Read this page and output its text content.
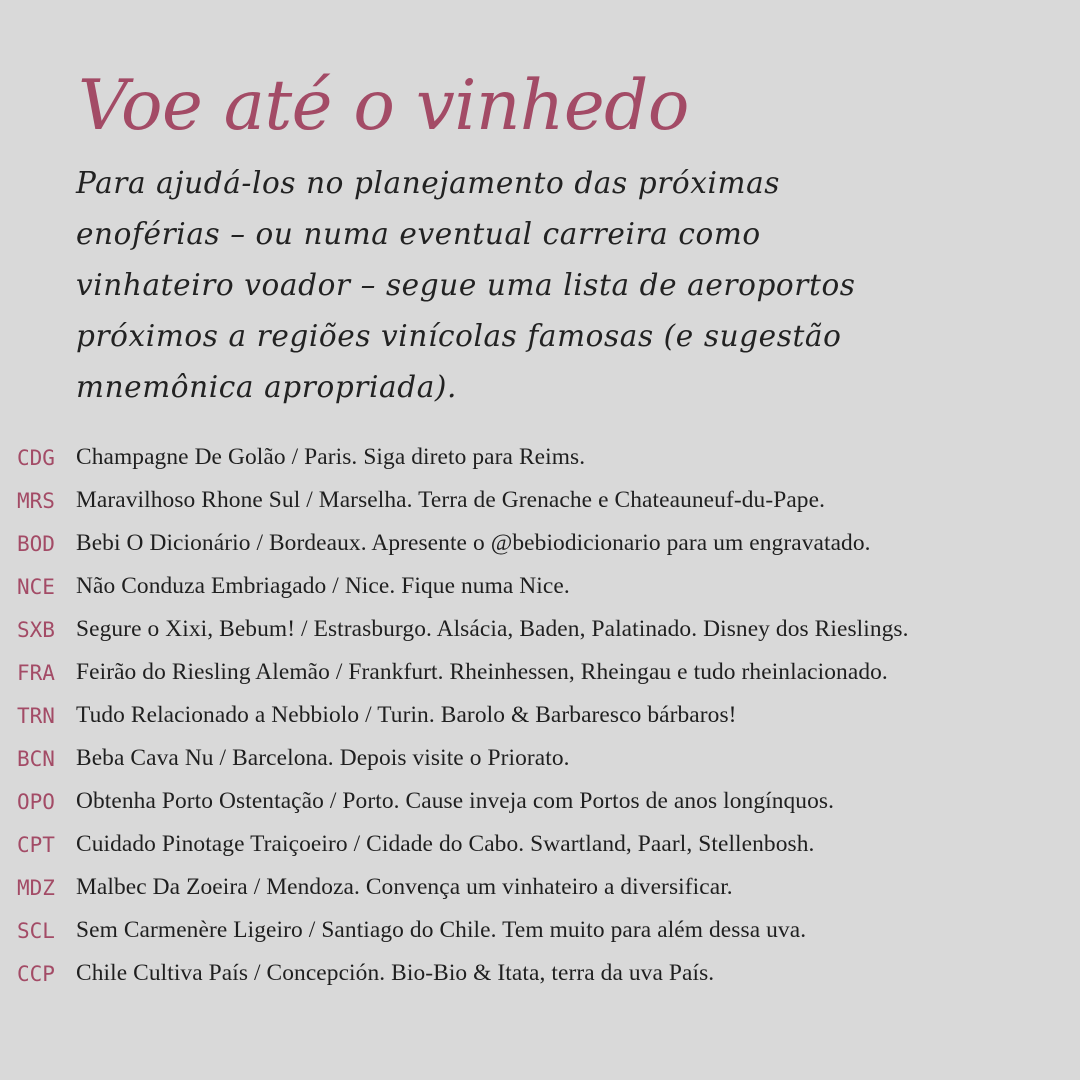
Voe até o vinhedo

Para ajudá-los no planejamento das próximas
enoférias – ou numa eventual carreira como
vinhateiro voador – segue uma lista de aeroportos
próximos a regiões vinícolas famosas (e sugestão
mnemônica apropriada).

CDG Champagne De Golão / Paris. Siga direto para Reims.
MRS Maravilhoso Rhone Sul / Marselha. Terra de Grenache e Chateauneuf-du-Pape.
BOD Bebi O Dicionário / Bordeaux. Apresente o @bebiodicionario para um engravatado.
NCE Não Conduza Embriagado / Nice. Fique numa Nice.
SXB Segure o Xixi, Bebum! / Estrasburgo. Alsácia, Baden, Palatinado. Disney dos Rieslings.
FRA Feirão do Riesling Alemão / Frankfurt. Rheinhessen, Rheingau e tudo rheinlacionado.
TRN Tudo Relacionado a Nebbiolo / Turin. Barolo & Barbaresco bárbaros!
BCN Beba Cava Nu / Barcelona. Depois visite o Priorato.
OPO Obtenha Porto Ostentação / Porto. Cause inveja com Portos de anos longínquos.
CPT Cuidado Pinotage Traiçoeiro / Cidade do Cabo. Swartland, Paarl, Stellenbosh.
MDZ Malbec Da Zoeira / Mendoza. Convença um vinhateiro a diversificar.
SCL Sem Carmenère Ligeiro / Santiago do Chile. Tem muito para além dessa uva.
CCP Chile Cultiva País / Concepción. Bio-Bio & Itata, terra da uva País.
